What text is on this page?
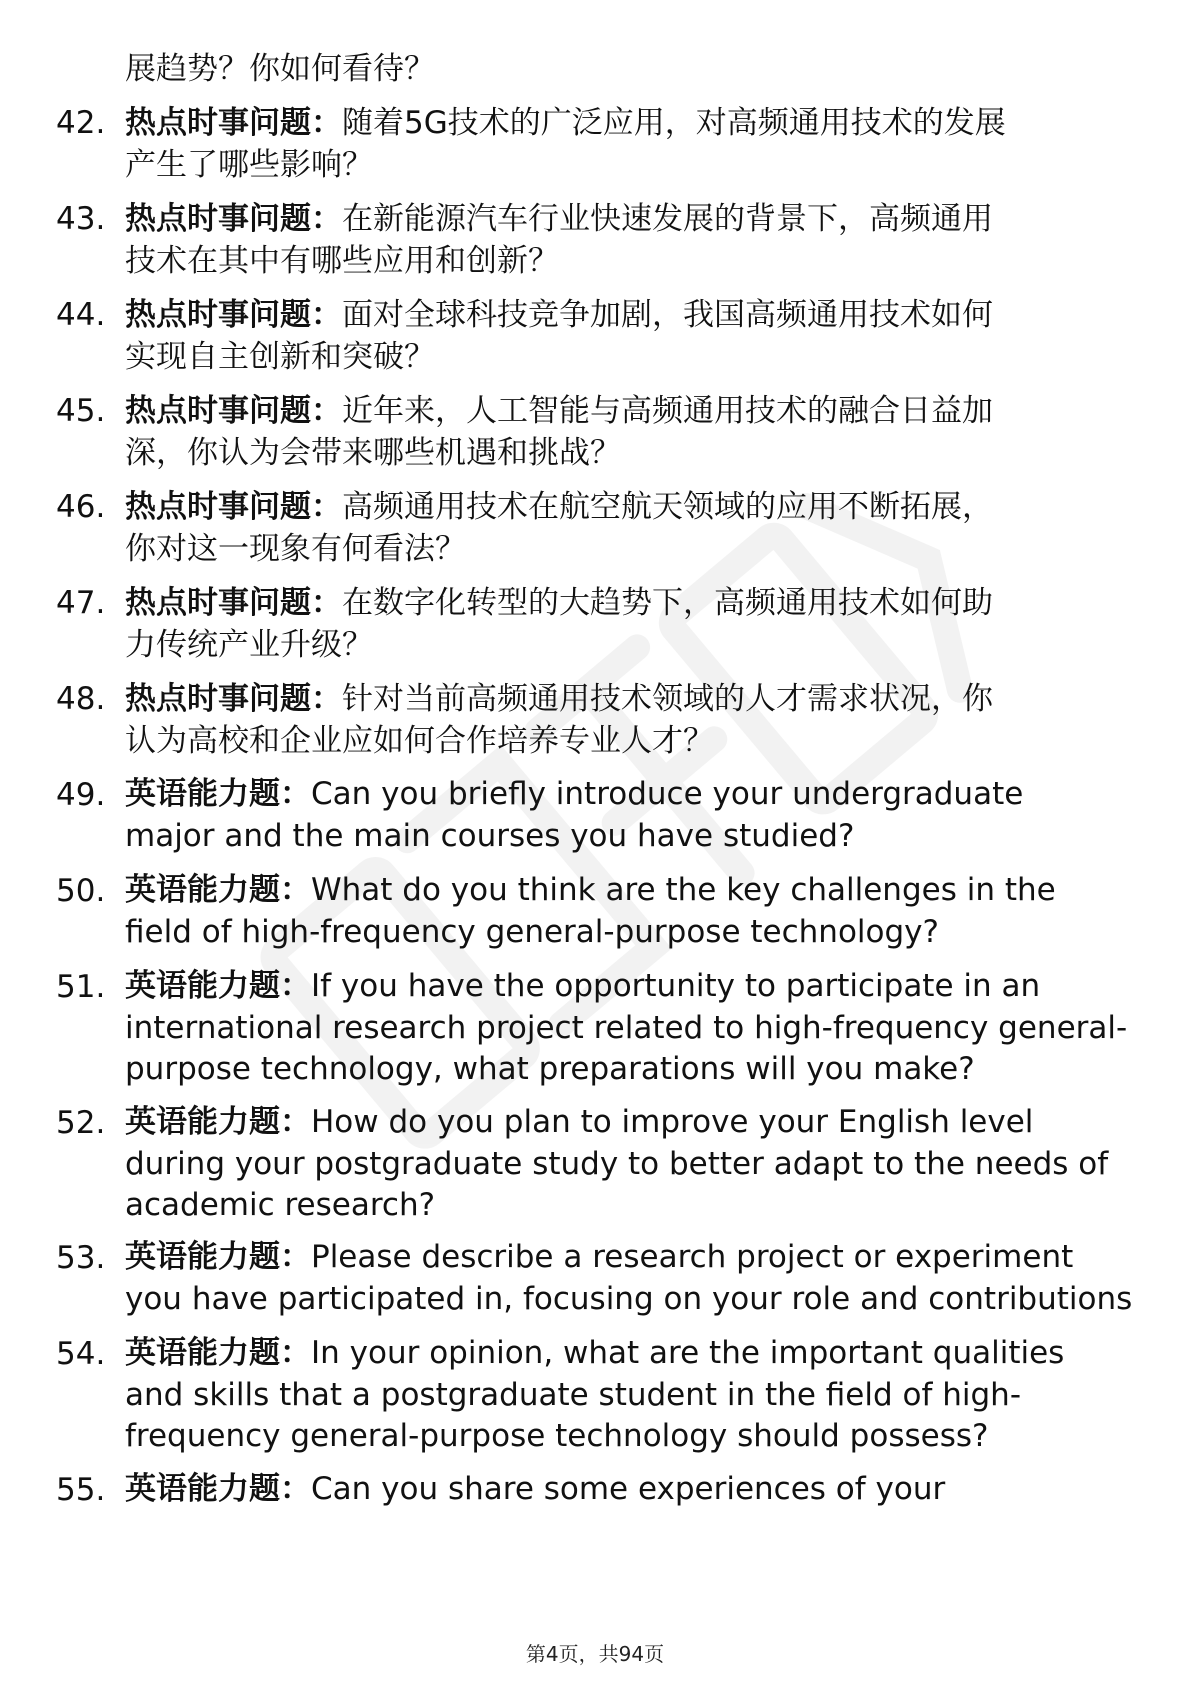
展趋势？你如何看待？
42. 热点时事问题：随着5G技术的广泛应用，对高频通用技术的发展
产生了哪些影响？
43. 热点时事问题：在新能源汽车行业快速发展的背景下，高频通用
技术在其中有哪些应用和创新？
44. 热点时事问题：面对全球科技竞争加剧，我国高频通用技术如何
实现自主创新和突破？
45. 热点时事问题：近年来，人工智能与高频通用技术的融合日益加
深，你认为会带来哪些机遇和挑战？
46. 热点时事问题：高频通用技术在航空航天领域的应用不断拓展，
你对这一现象有何看法？
47. 热点时事问题：在数字化转型的大趋势下，高频通用技术如何助
力传统产业升级？
48. 热点时事问题：针对当前高频通用技术领域的人才需求状况，你
认为高校和企业应如何合作培养专业人才？
49. 英语能力题：Can you briefly introduce your undergraduate
major and the main courses you have studied?
50. 英语能力题：What do you think are the key challenges in the
field of high-frequency general-purpose technology?
51. 英语能力题：If you have the opportunity to participate in an
international research project related to high-frequency general-
purpose technology, what preparations will you make?
52. 英语能力题：How do you plan to improve your English level
during your postgraduate study to better adapt to the needs of
academic research?
53. 英语能力题：Please describe a research project or experiment
you have participated in, focusing on your role and contributions
54. 英语能力题：In your opinion, what are the important qualities
and skills that a postgraduate student in the field of high-
frequency general-purpose technology should possess?
55. 英语能力题：Can you share some experiences of your
第4页，共94页
